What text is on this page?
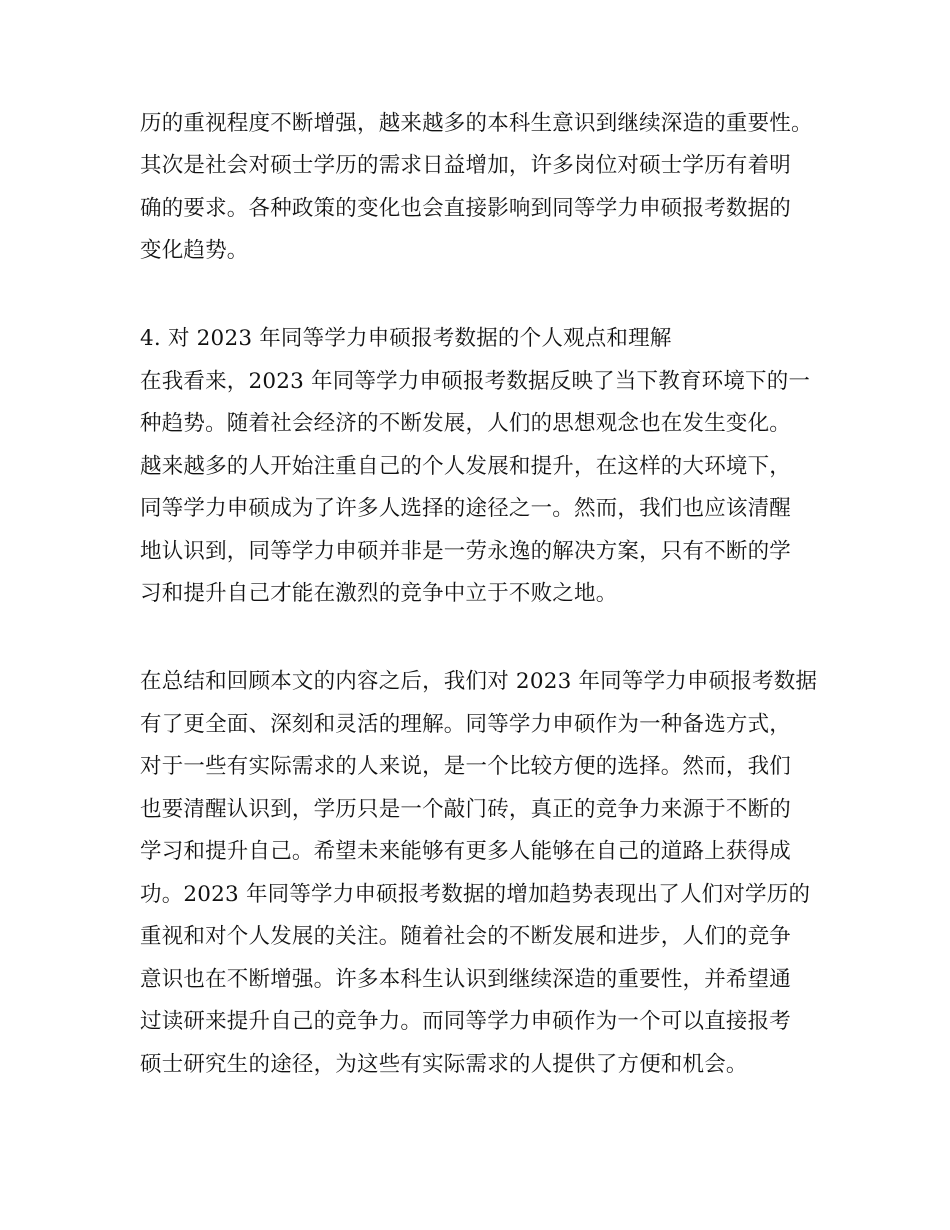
历的重视程度不断增强，越来越多的本科生意识到继续深造的重要性。
其次是社会对硕士学历的需求日益增加，许多岗位对硕士学历有着明
确的要求。各种政策的变化也会直接影响到同等学力申硕报考数据的
变化趋势。
4. 对 2023 年同等学力申硕报考数据的个人观点和理解
在我看来，2023 年同等学力申硕报考数据反映了当下教育环境下的一
种趋势。随着社会经济的不断发展，人们的思想观念也在发生变化。
越来越多的人开始注重自己的个人发展和提升，在这样的大环境下，
同等学力申硕成为了许多人选择的途径之一。然而，我们也应该清醒
地认识到，同等学力申硕并非是一劳永逸的解决方案，只有不断的学
习和提升自己才能在激烈的竞争中立于不败之地。
在总结和回顾本文的内容之后，我们对 2023 年同等学力申硕报考数据
有了更全面、深刻和灵活的理解。同等学力申硕作为一种备选方式，
对于一些有实际需求的人来说，是一个比较方便的选择。然而，我们
也要清醒认识到，学历只是一个敲门砖，真正的竞争力来源于不断的
学习和提升自己。希望未来能够有更多人能够在自己的道路上获得成
功。2023 年同等学力申硕报考数据的增加趋势表现出了人们对学历的
重视和对个人发展的关注。随着社会的不断发展和进步，人们的竞争
意识也在不断增强。许多本科生认识到继续深造的重要性，并希望通
过读研来提升自己的竞争力。而同等学力申硕作为一个可以直接报考
硕士研究生的途径，为这些有实际需求的人提供了方便和机会。
